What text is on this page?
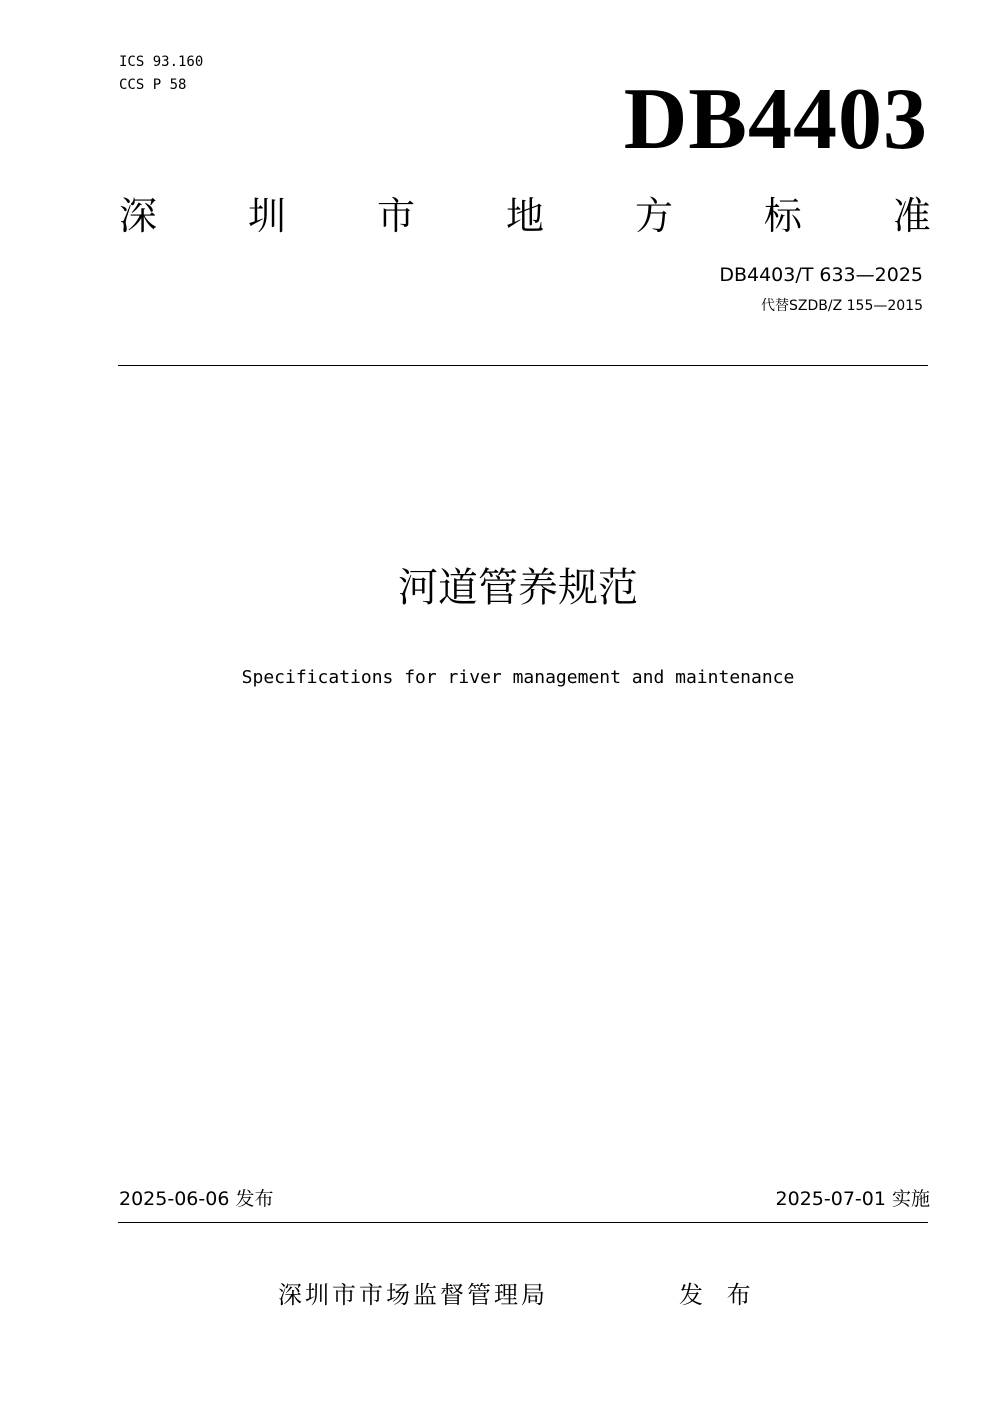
ICS 93.160
CCS P 58	DB4403
深 圳 市 地 方 标 准
DB4403/T 633—2025
代替SZDB/Z 155—2015
河道管养规范
Specifications for river management and maintenance
2025-06-06 发布	2025-07-01 实施
深圳市市场监督管理局	发 布
